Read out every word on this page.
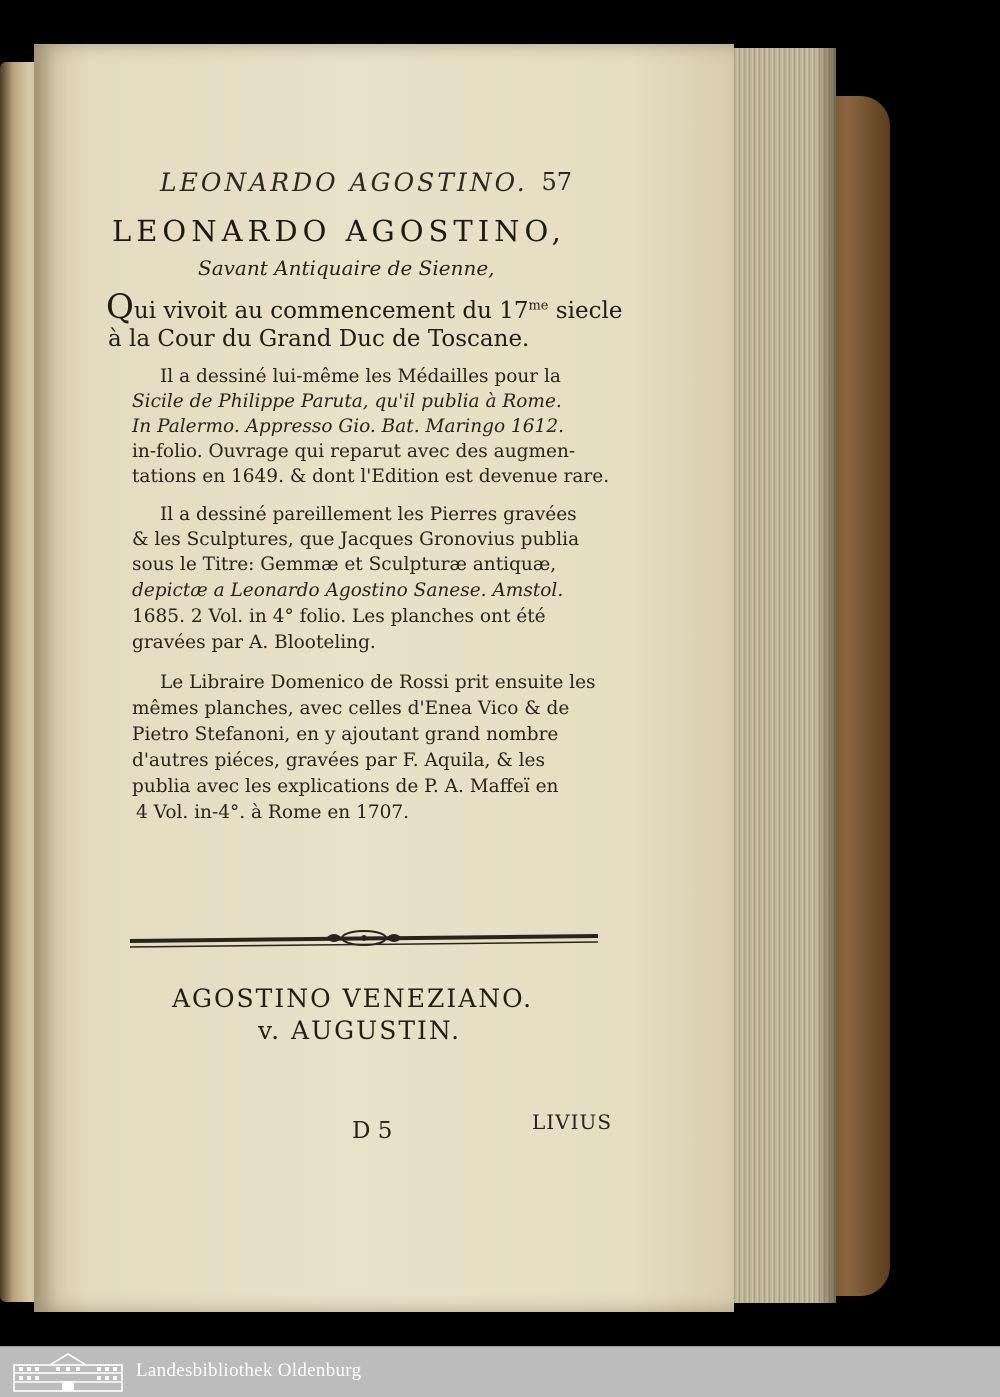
LEONARDO AGOSTINO. 57
LEONARDO AGOSTINO,
Savant Antiquaire de Sienne,
Qui vivoit au commencement du $17^{me}$ siecle
à la Cour du Grand Duc de Toscane.
Il a dessiné lui-même les Médailles pour la
Sicile de Philippe Paruta, qu'il publia à Rome.
In Palermo. Appresso Gio. Bat. Maringo 1612.
in-folio. Ouvrage qui reparut avec des augmen-
tations en 1649. & dont l'Edition est devenue rare.
Il a dessiné pareillement les Pierres gravées
& les Sculptures, que Jacques Gronovius publia
sous le Titre: Gemmæ et Sculpturæ antiquæ,
depictæ a Leonardo Agostino Sanese. Amstol.
1685. 2 Vol. in 4° folio. Les planches ont été
gravées par A. Blooteling.
Le Libraire Domenico de Rossi prit ensuite les
mêmes planches, avec celles d'Enea Vico & de
Pietro Stefanoni, en y ajoutant grand nombre
d'autres piéces, gravées par F. Aquila, & les
publia avec les explications de P. A. Maffeï en
4 Vol. in-4°. à Rome en 1707.
AGOSTINO VENEZIANO.
v. AUGUSTIN.
D 5	LIVIUS
Landesbibliothek Oldenburg
